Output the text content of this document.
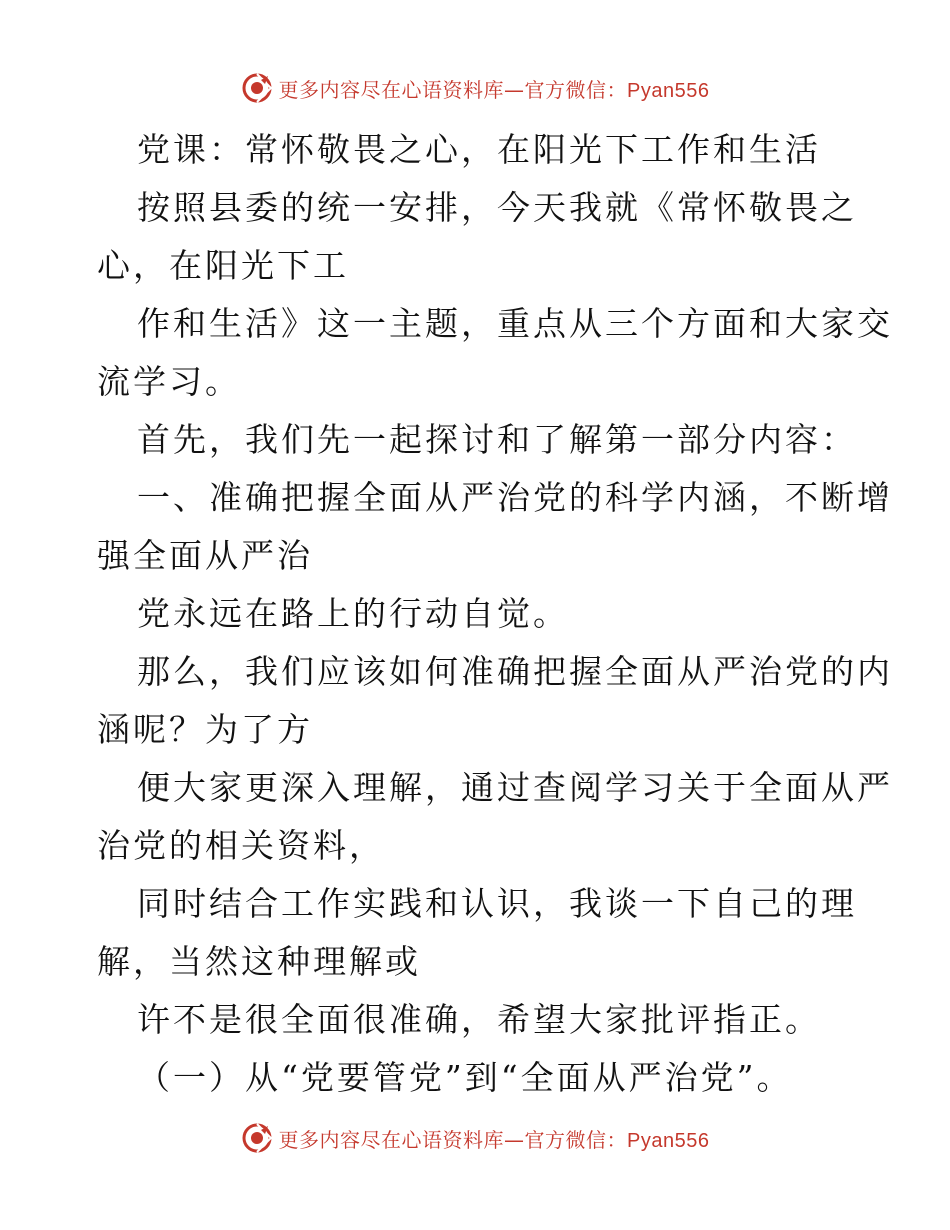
更多内容尽在心语资料库—官方微信：Pyan556
党课：常怀敬畏之心，在阳光下工作和生活
按照县委的统一安排，今天我就《常怀敬畏之
心，在阳光下工
作和生活》这一主题，重点从三个方面和大家交
流学习。
首先，我们先一起探讨和了解第一部分内容：
一、准确把握全面从严治党的科学内涵，不断增
强全面从严治
党永远在路上的行动自觉。
那么，我们应该如何准确把握全面从严治党的内
涵呢？为了方
便大家更深入理解，通过查阅学习关于全面从严
治党的相关资料，
同时结合工作实践和认识，我谈一下自己的理
解，当然这种理解或
许不是很全面很准确，希望大家批评指正。
（一）从“党要管党”到“全面从严治党”。
更多内容尽在心语资料库—官方微信：Pyan556
